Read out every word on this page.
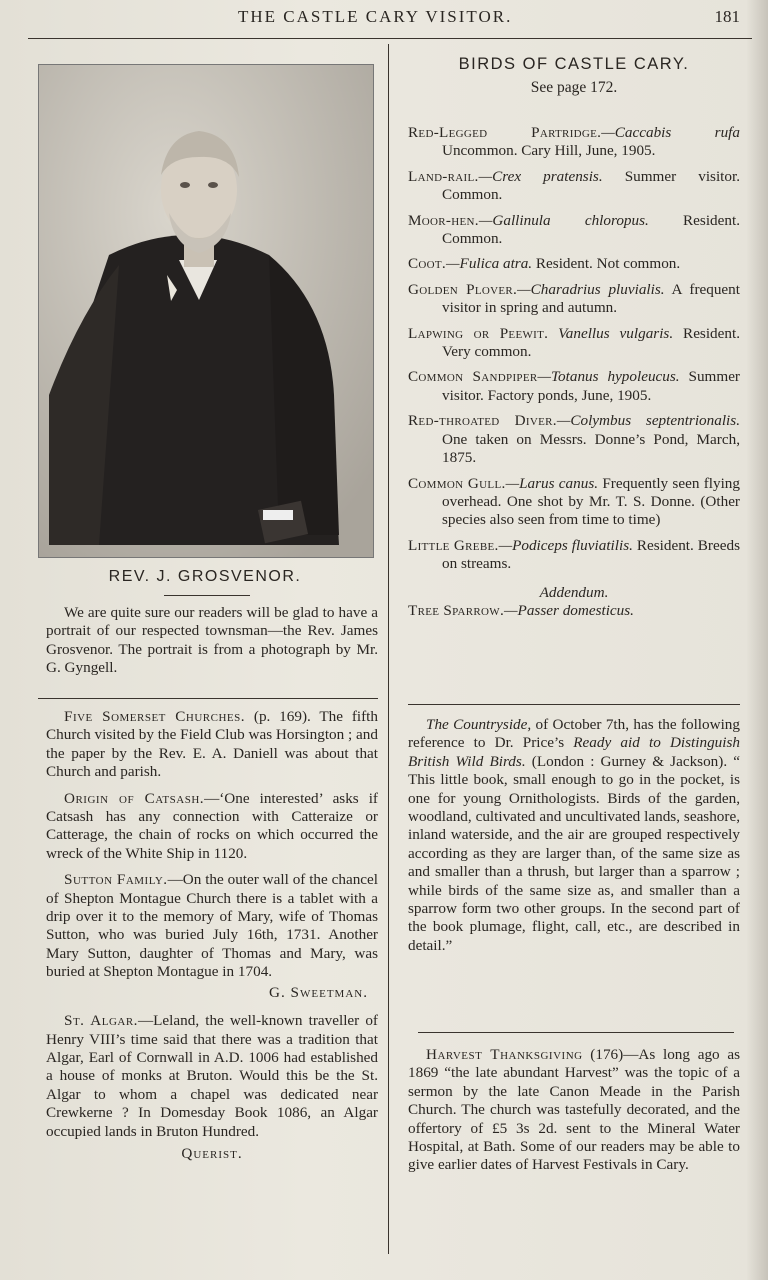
THE CASTLE CARY VISITOR.	181
REV. J. GROSVENOR.

We are quite sure our readers will be glad to have a portrait of our respected townsman—the Rev. James Grosvenor. The portrait is from a photograph by Mr. G. Gyngell.

Five Somerset Churches. (p. 169). The fifth Church visited by the Field Club was Horsington ; and the paper by the Rev. E. A. Daniell was about that Church and parish.

Origin of Catsash.—‘One interested’ asks if Catsash has any connection with Catteraize or Catterage, the chain of rocks on which occurred the wreck of the White Ship in 1120.

Sutton Family.—On the outer wall of the chancel of Shepton Montague Church there is a tablet with a drip over it to the memory of Mary, wife of Thomas Sutton, who was buried July 16th, 1731. Another Mary Sutton, daughter of Thomas and Mary, was buried at Shepton Montague in 1704.

G. Sweetman.

St. Algar.—Leland, the well-known traveller of Henry VIII’s time said that there was a tradition that Algar, Earl of Cornwall in A.D. 1006 had established a house of monks at Bruton. Would this be the St. Algar to whom a chapel was dedicated near Crewkerne ? In Domesday Book 1086, an Algar occupied lands in Bruton Hundred.

Querist.
BIRDS OF CASTLE CARY.
See page 172.

Red-Legged Partridge.—Caccabis rufa Uncommon. Cary Hill, June, 1905.

Land-rail.—Crex pratensis. Summer visitor. Common.

Moor-hen.—Gallinula chloropus. Resident. Common.

Coot.—Fulica atra. Resident. Not common.

Golden Plover.—Charadrius pluvialis. A frequent visitor in spring and autumn.

Lapwing or Peewit. Vanellus vulgaris. Resident. Very common.

Common Sandpiper—Totanus hypoleucus. Summer visitor. Factory ponds, June, 1905.

Red-throated Diver.—Colymbus septentrionalis. One taken on Messrs. Donne’s Pond, March, 1875.

Common Gull.—Larus canus. Frequently seen flying overhead. One shot by Mr. T. S. Donne. (Other species also seen from time to time)

Little Grebe.—Podiceps fluviatilis. Resident. Breeds on streams.

Addendum.

Tree Sparrow.—Passer domesticus.

The Countryside, of October 7th, has the following reference to Dr. Price’s Ready aid to Distinguish British Wild Birds. (London : Gurney & Jackson). “ This little book, small enough to go in the pocket, is one for young Ornithologists. Birds of the garden, woodland, cultivated and uncultivated lands, seashore, inland waterside, and the air are grouped respectively according as they are larger than, of the same size as and smaller than a thrush, but larger than a sparrow ; while birds of the same size as, and smaller than a sparrow form two other groups. In the second part of the book plumage, flight, call, etc., are described in detail.”

Harvest Thanksgiving (176)—As long ago as 1869 “the late abundant Harvest” was the topic of a sermon by the late Canon Meade in the Parish Church. The church was tastefully decorated, and the offertory of £5 3s 2d. sent to the Mineral Water Hospital, at Bath. Some of our readers may be able to give earlier dates of Harvest Festivals in Cary.
